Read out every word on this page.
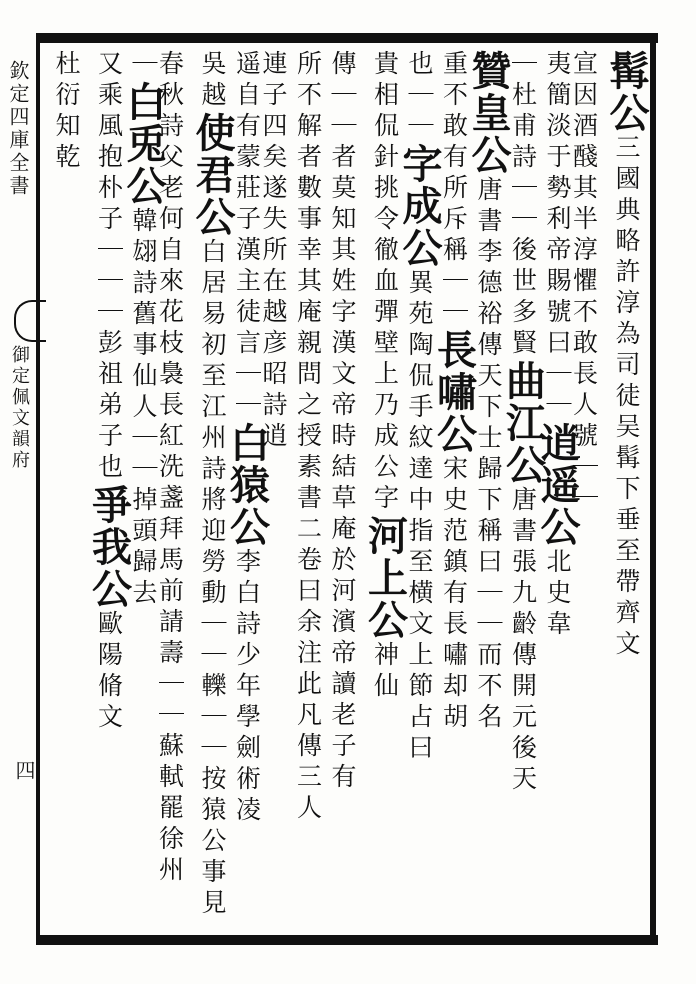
欽定四庫全書
御定佩文韻府
四
髯公三國典略許淳為司徒吴髯下垂至帶齊文
宣因酒醆其半淳懼不敢長人號｜｜
夷簡淡于勢利帝賜號曰｜｜逍遥公北史韋
｜杜甫詩｜｜後世多賢曲江公唐書張九齡傳開元後天
贊皇公唐書李德裕傳天下士歸下稱曰｜｜而不名
重不敢有所斥稱｜｜長嘯公宋史范鎮有長嘯却胡
也｜｜字成公異苑陶侃手紋達中指至横文上節占曰
貴相侃針挑令徹血彈壁上乃成公字河上公神仙
傳｜｜者莫知其姓字漢文帝時結草庵於河濱帝讀老子有
所不解者數事幸其庵親問之授素書二卷曰余注此凡傳三人
連子四矣遂失所在越彦昭詩逍
遥自有蒙莊子漢主徒言｜｜白猿公李白詩少年學劍術凌
吳越使君公白居易初至江州詩將迎勞動｜｜轢｜｜按猿公事見
春秋詩父老何自來花枝裊長紅洗盞拜馬前請壽｜｜蘇軾罷徐州
｜白兎公韓翃詩舊事仙人｜｜掉頭歸去
又乘風抱朴子｜｜｜彭祖弟子也爭我公歐陽脩文
杜衍知乾
